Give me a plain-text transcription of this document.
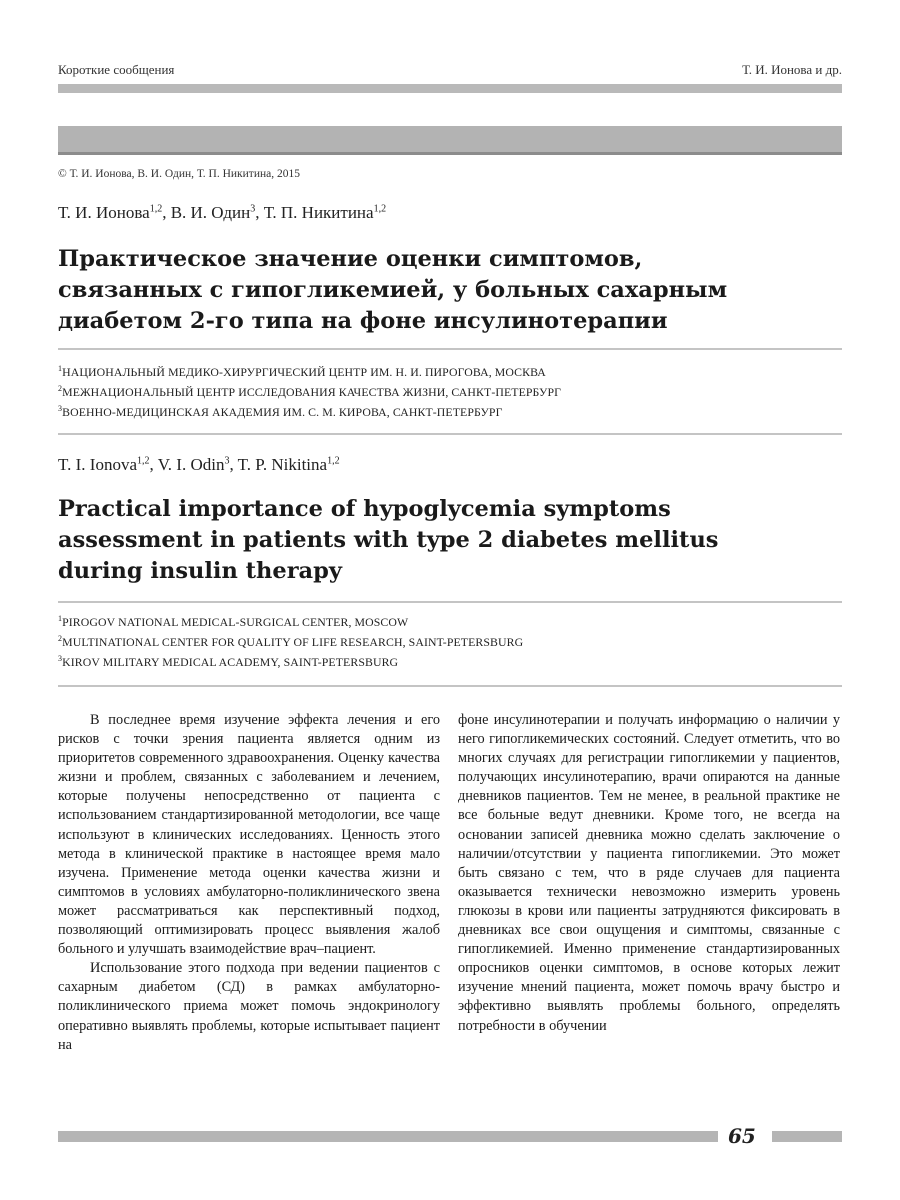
Короткие сообщения	Т. И. Ионова и др.
© Т. И. Ионова, В. И. Один, Т. П. Никитина, 2015
Т. И. Ионова$^{1,2}$, В. И. Один$^3$, Т. П. Никитина$^{1,2}$
Практическое значение оценки симптомов,
связанных с гипогликемией, у больных сахарным
диабетом 2-го типа на фоне инсулинотерапии
$^1$НАЦИОНАЛЬНЫЙ МЕДИКО-ХИРУРГИЧЕСКИЙ ЦЕНТР ИМ. Н. И. ПИРОГОВА, МОСКВА
$^2$МЕЖНАЦИОНАЛЬНЫЙ ЦЕНТР ИССЛЕДОВАНИЯ КАЧЕСТВА ЖИЗНИ, САНКТ-ПЕТЕРБУРГ
$^3$ВОЕННО-МЕДИЦИНСКАЯ АКАДЕМИЯ ИМ. С. М. КИРОВА, САНКТ-ПЕТЕРБУРГ
T. I. Ionova$^{1,2}$, V. I. Odin$^3$, T. P. Nikitina$^{1,2}$
Practical importance of hypoglycemia symptoms
assessment in patients with type 2 diabetes mellitus
during insulin therapy
$^1$PIROGOV NATIONAL MEDICAL-SURGICAL CENTER, MOSCOW
$^2$MULTINATIONAL CENTER FOR QUALITY OF LIFE RESEARCH, SAINT-PETERSBURG
$^3$KIROV MILITARY MEDICAL ACADEMY, SAINT-PETERSBURG

В последнее время изучение эффекта лечения и его рисков с точки зрения пациента является одним из приоритетов современного здравоохранения. Оценку качества жизни и проблем, связанных с заболеванием и лечением, которые получены непосредственно от пациента с использованием стандартизированной методологии, все чаще используют в клинических исследованиях. Ценность этого метода в клинической практике в настоящее время мало изучена. Применение метода оценки качества жизни и симптомов в условиях амбулаторно-поликлинического звена может рассматриваться как перспективный подход, позволяющий оптимизировать процесс выявления жалоб больного и улучшать взаимодействие врач–пациент.

Использование этого подхода при ведении пациентов с сахарным диабетом (СД) в рамках амбулаторно-поликлинического приема может помочь эндокринологу оперативно выявлять проблемы, которые испытывает пациент на

фоне инсулинотерапии и получать информацию о наличии у него гипогликемических состояний. Следует отметить, что во многих случаях для регистрации гипогликемии у пациентов, получающих инсулинотерапию, врачи опираются на данные дневников пациентов. Тем не менее, в реальной практике не все больные ведут дневники. Кроме того, не всегда на основании записей дневника можно сделать заключение о наличии/отсутствии у пациента гипогликемии. Это может быть связано с тем, что в ряде случаев для пациента оказывается технически невозможно измерить уровень глюкозы в крови или пациенты затрудняются фиксировать в дневниках все свои ощущения и симптомы, связанные с гипогликемией. Именно применение стандартизированных опросников оценки симптомов, в основе которых лежит изучение мнений пациента, может помочь врачу быстро и эффективно выявлять проблемы больного, определять потребности в обучении

65
